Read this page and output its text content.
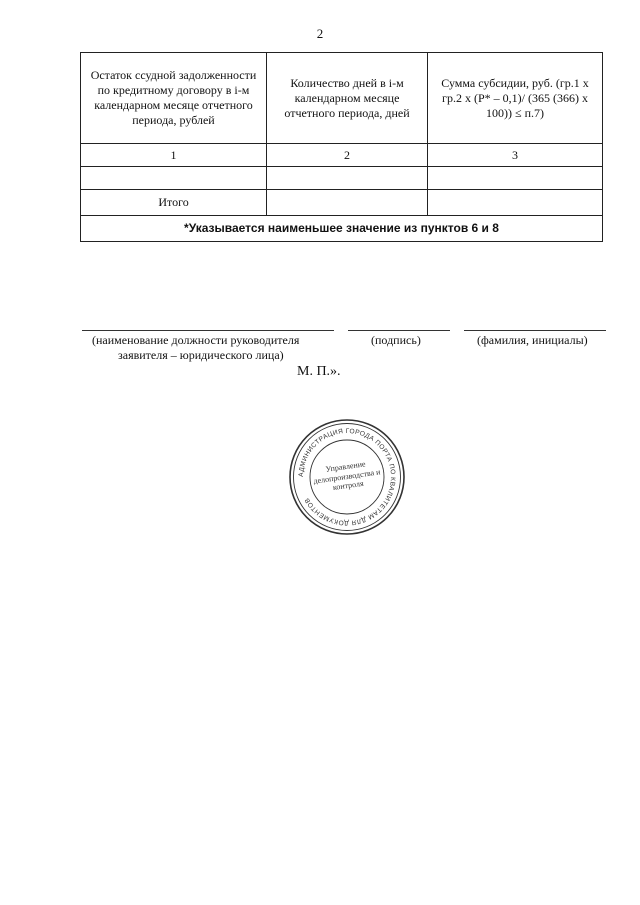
2
Остаток ссудной задолженности по кредитному договору в i-м календарном месяце отчетного периода, рублей	Количество дней в i-м календарном месяце отчетного периода, дней	Сумма субсидии, руб. (гр.1 х гр.2 х (Р* – 0,1)/ (365 (366) х 100)) ≤ п.7)
1	2	3

Итого		
*Указывается наименьшее значение из пунктов 6 и 8		
(наименование должности руководителя
заявителя – юридического лица)
(подпись)	(фамилия, инициалы)
М. П.».
АДМИНИСТРАЦИЯ ГОРОДА ПОРТА ПО КВАЛИТЕТАМ ДЛЯ ДОКУМЕНТОВ
Управление делопроизводства и контроля
